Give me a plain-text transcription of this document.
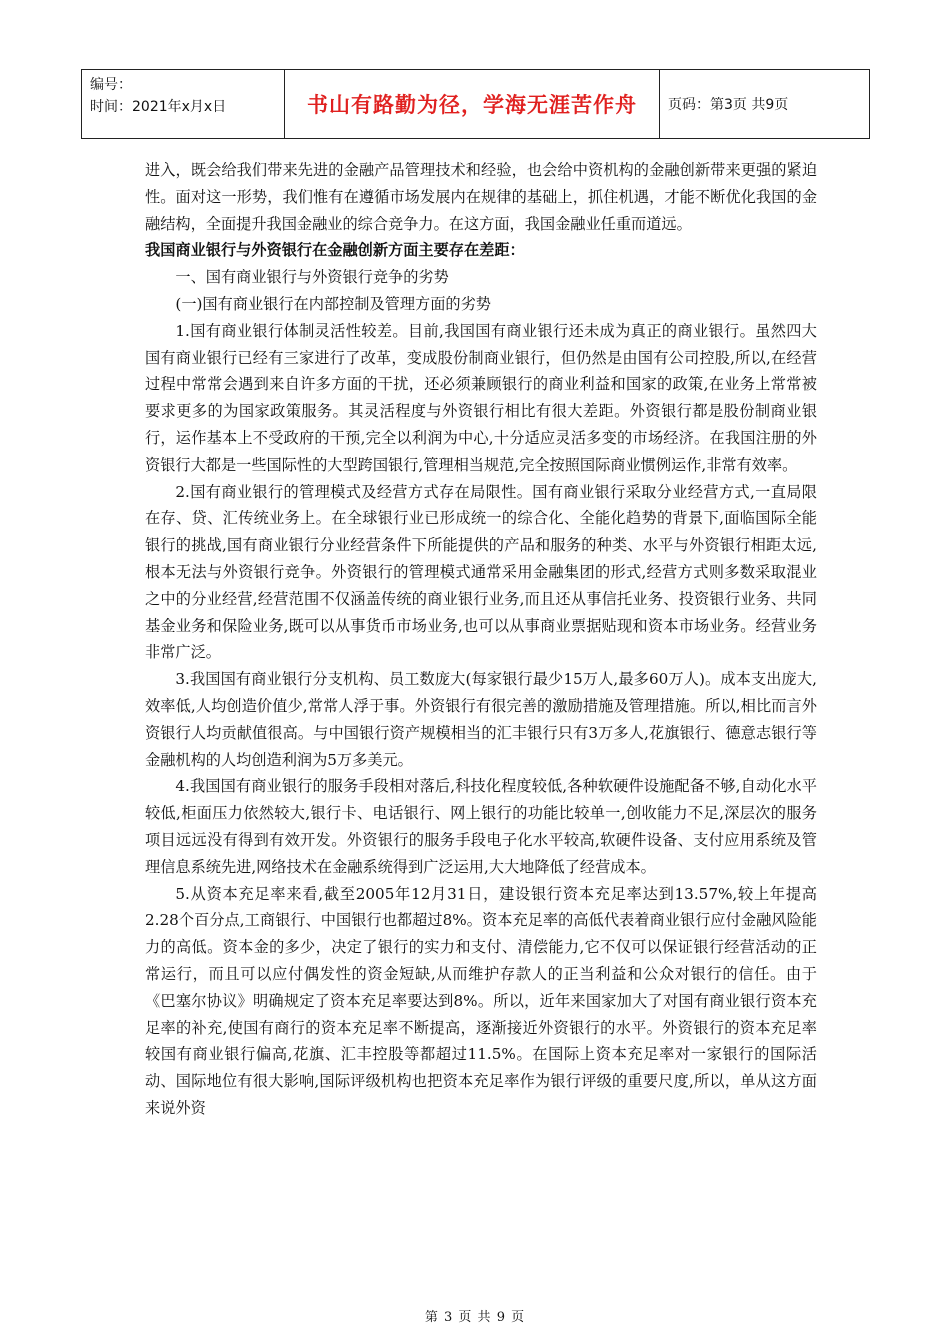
编号：
时间：2021年x月x日	书山有路勤为径，学海无涯苦作舟	页码：第3页 共9页

进入，既会给我们带来先进的金融产品管理技术和经验，也会给中资机构的金融创新带来更强的紧迫性。面对这一形势，我们惟有在遵循市场发展内在规律的基础上，抓住机遇，才能不断优化我国的金融结构，全面提升我国金融业的综合竞争力。在这方面，我国金融业任重而道远。

我国商业银行与外资银行在金融创新方面主要存在差距：

一、国有商业银行与外资银行竞争的劣势

(一)国有商业银行在内部控制及管理方面的劣势

1.国有商业银行体制灵活性较差。目前,我国国有商业银行还未成为真正的商业银行。虽然四大国有商业银行已经有三家进行了改革，变成股份制商业银行，但仍然是由国有公司控股,所以,在经营过程中常常会遇到来自许多方面的干扰，还必须兼顾银行的商业利益和国家的政策,在业务上常常被要求更多的为国家政策服务。其灵活程度与外资银行相比有很大差距。外资银行都是股份制商业银行，运作基本上不受政府的干预,完全以利润为中心,十分适应灵活多变的市场经济。在我国注册的外资银行大都是一些国际性的大型跨国银行,管理相当规范,完全按照国际商业惯例运作,非常有效率。

2.国有商业银行的管理模式及经营方式存在局限性。国有商业银行采取分业经营方式,一直局限在存、贷、汇传统业务上。在全球银行业已形成统一的综合化、全能化趋势的背景下,面临国际全能银行的挑战,国有商业银行分业经营条件下所能提供的产品和服务的种类、水平与外资银行相距太远,根本无法与外资银行竞争。外资银行的管理模式通常采用金融集团的形式,经营方式则多数采取混业之中的分业经营,经营范围不仅涵盖传统的商业银行业务,而且还从事信托业务、投资银行业务、共同基金业务和保险业务,既可以从事货币市场业务,也可以从事商业票据贴现和资本市场业务。经营业务非常广泛。

3.我国国有商业银行分支机构、员工数庞大(每家银行最少15万人,最多60万人)。成本支出庞大,效率低,人均创造价值少,常常人浮于事。外资银行有很完善的激励措施及管理措施。所以,相比而言外资银行人均贡献值很高。与中国银行资产规模相当的汇丰银行只有3万多人,花旗银行、德意志银行等金融机构的人均创造利润为5万多美元。

4.我国国有商业银行的服务手段相对落后,科技化程度较低,各种软硬件设施配备不够,自动化水平较低,柜面压力依然较大,银行卡、电话银行、网上银行的功能比较单一,创收能力不足,深层次的服务项目远远没有得到有效开发。外资银行的服务手段电子化水平较高,软硬件设备、支付应用系统及管理信息系统先进,网络技术在金融系统得到广泛运用,大大地降低了经营成本。

5.从资本充足率来看,截至2005年12月31日，建设银行资本充足率达到13.57%,较上年提高2.28个百分点,工商银行、中国银行也都超过8%。资本充足率的高低代表着商业银行应付金融风险能力的高低。资本金的多少，决定了银行的实力和支付、清偿能力,它不仅可以保证银行经营活动的正常运行，而且可以应付偶发性的资金短缺,从而维护存款人的正当利益和公众对银行的信任。由于《巴塞尔协议》明确规定了资本充足率要达到8%。所以，近年来国家加大了对国有商业银行资本充足率的补充,使国有商行的资本充足率不断提高，逐渐接近外资银行的水平。外资银行的资本充足率较国有商业银行偏高,花旗、汇丰控股等都超过11.5%。在国际上资本充足率对一家银行的国际活动、国际地位有很大影响,国际评级机构也把资本充足率作为银行评级的重要尺度,所以，单从这方面来说外资

第 3 页 共 9 页
